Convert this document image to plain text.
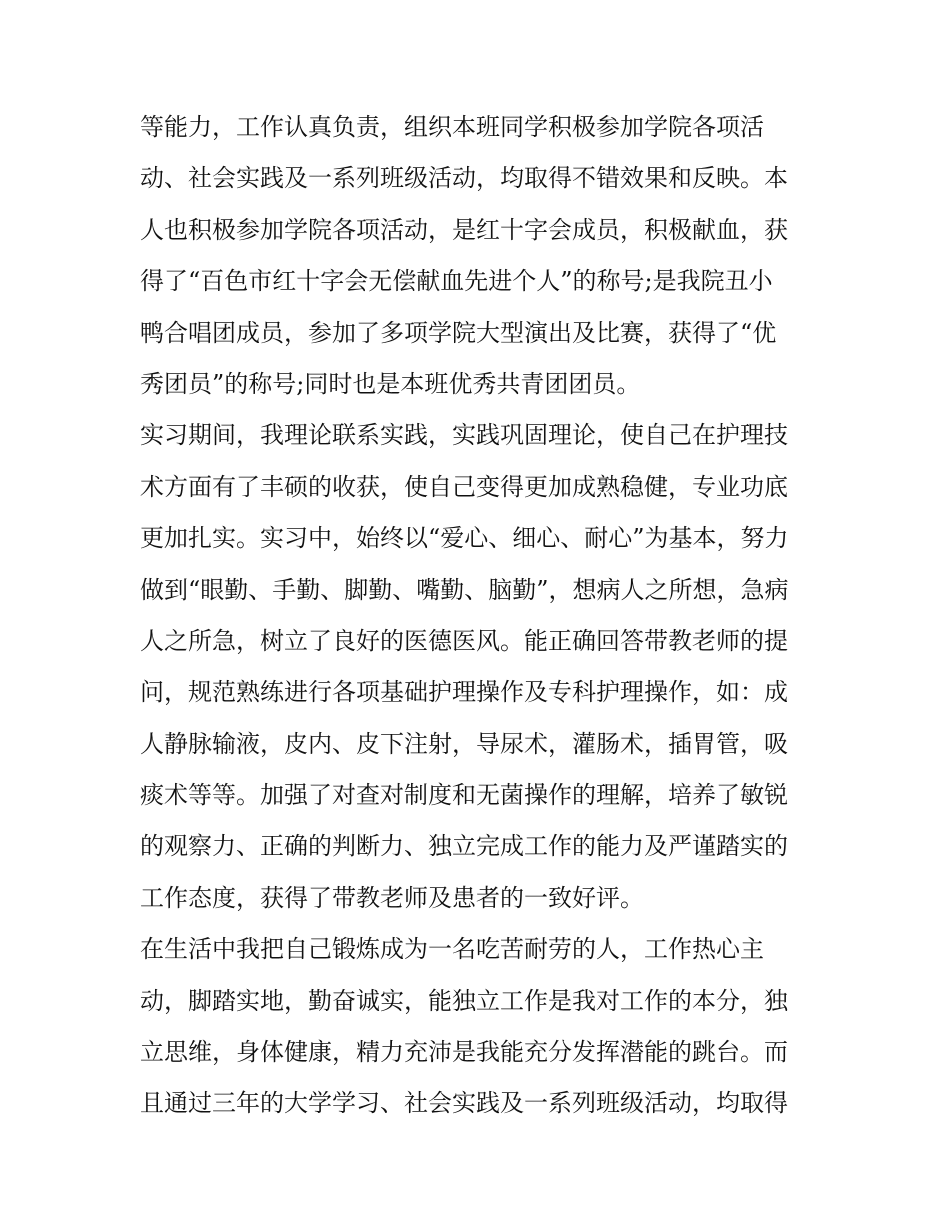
等能力，工作认真负责，组织本班同学积极参加学院各项活
动、社会实践及一系列班级活动，均取得不错效果和反映。本
人也积极参加学院各项活动，是红十字会成员，积极献血，获
得了“百色市红十字会无偿献血先进个人”的称号;是我院丑小
鸭合唱团成员，参加了多项学院大型演出及比赛，获得了“优
秀团员”的称号;同时也是本班优秀共青团团员。
实习期间，我理论联系实践，实践巩固理论，使自己在护理技
术方面有了丰硕的收获，使自己变得更加成熟稳健，专业功底
更加扎实。实习中，始终以“爱心、细心、耐心”为基本，努力
做到“眼勤、手勤、脚勤、嘴勤、脑勤”，想病人之所想，急病
人之所急，树立了良好的医德医风。能正确回答带教老师的提
问，规范熟练进行各项基础护理操作及专科护理操作，如：成
人静脉输液，皮内、皮下注射，导尿术，灌肠术，插胃管，吸
痰术等等。加强了对查对制度和无菌操作的理解，培养了敏锐
的观察力、正确的判断力、独立完成工作的能力及严谨踏实的
工作态度，获得了带教老师及患者的一致好评。
在生活中我把自己锻炼成为一名吃苦耐劳的人，工作热心主
动，脚踏实地，勤奋诚实，能独立工作是我对工作的本分，独
立思维，身体健康，精力充沛是我能充分发挥潜能的跳台。而
且通过三年的大学学习、社会实践及一系列班级活动，均取得
